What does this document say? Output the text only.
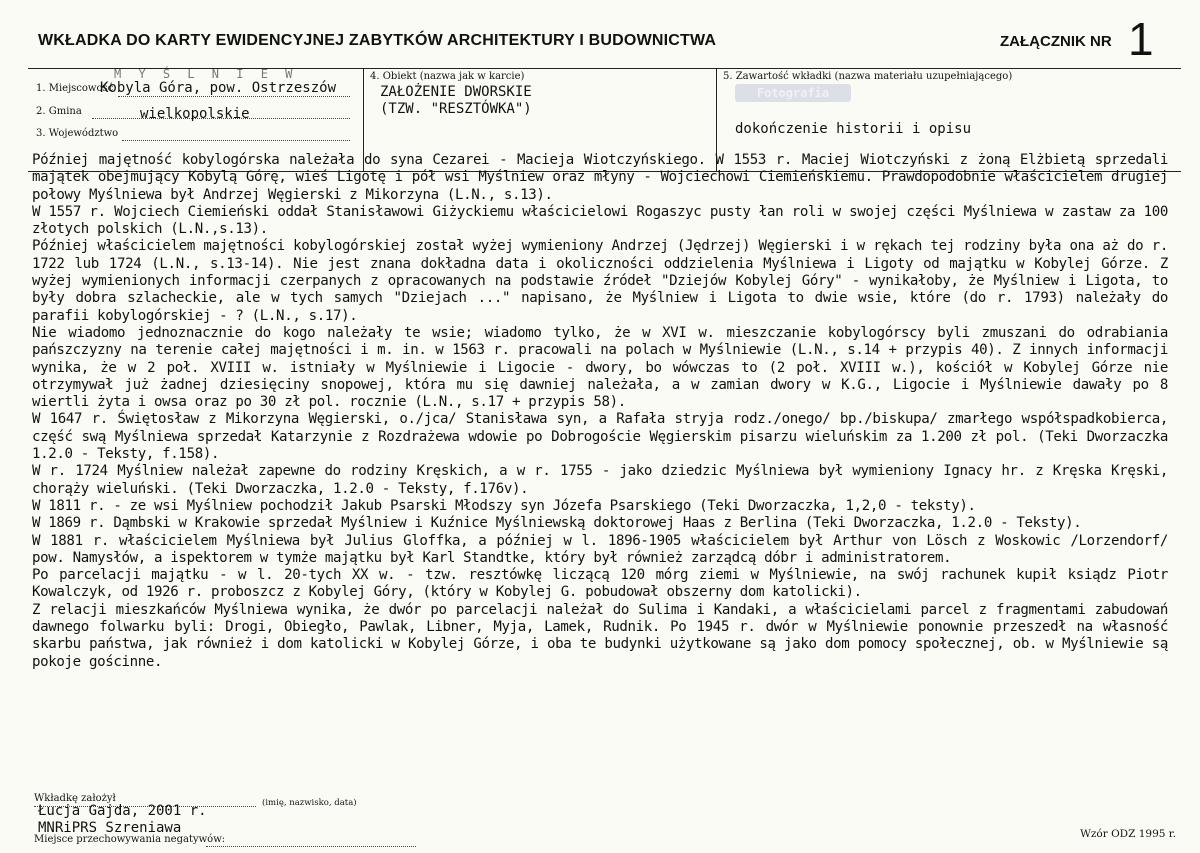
WKŁADKA DO KARTY EWIDENCYJNEJ ZABYTKÓW ARCHITEKTURY I BUDOWNICTWA	ZAŁĄCZNIK NR 1
M Y Ś L N I E W
1. Miejscowość
Kobyla Góra, pow. Ostrzeszów
2. Gmina	wielkopolskie
3. Województwo
4. Obiekt (nazwa jak w karcie)
ZAŁOŻENIE DWORSKIE
(TZW. "RESZTÓWKA")
5. Zawartość wkładki (nazwa materiału uzupełniającego)
Fotografia
dokończenie historii i opisu

Później majętność kobylogórska należała do syna Cezarei - Macieja Wiotczyńskiego. W 1553 r. Maciej Wiotczyński z żoną Elżbietą sprzedali majątek obejmujący Kobylą Górę, wieś Ligotę i pół wsi Myślniew oraz młyny - Wojciechowi Ciemieńskiemu. Prawdopodobnie właścicielem drugiej połowy Myślniewa był Andrzej Węgierski z Mikorzyna (L.N., s.13).

W 1557 r. Wojciech Ciemieński oddał Stanisławowi Giżyckiemu właścicielowi Rogaszyc pusty łan roli w swojej części Myślniewa w zastaw za 100 złotych polskich (L.N.,s.13).

Później właścicielem majętności kobylogórskiej został wyżej wymieniony Andrzej (Jędrzej) Węgierski i w rękach tej rodziny była ona aż do r. 1722 lub 1724 (L.N., s.13-14). Nie jest znana dokładna data i okoliczności oddzielenia Myślniewa i Ligoty od majątku w Kobylej Górze. Z wyżej wymienionych informacji czerpanych z opracowanych na podstawie źródeł "Dziejów Kobylej Góry" - wynikałoby, że Myślniew i Ligota, to były dobra szlacheckie, ale w tych samych "Dziejach ..." napisano, że Myślniew i Ligota to dwie wsie, które (do r. 1793) należały do parafii kobylogórskiej - ? (L.N., s.17).

Nie wiadomo jednoznacznie do kogo należały te wsie; wiadomo tylko, że w XVI w. mieszczanie kobylogórscy byli zmuszani do odrabiania pańszczyzny na terenie całej majętności i m. in. w 1563 r. pracowali na polach w Myślniewie (L.N., s.14 + przypis 40). Z innych informacji wynika, że w 2 poł. XVIII w. istniały w Myślniewie i Ligocie - dwory, bo wówczas to (2 poł. XVIII w.), kościół w Kobylej Górze nie otrzymywał już żadnej dziesięciny snopowej, która mu się dawniej należała, a w zamian dwory w K.G., Ligocie i Myślniewie dawały po 8 wiertli żyta i owsa oraz po 30 zł pol. rocznie (L.N., s.17 + przypis 58).

W 1647 r. Świętosław z Mikorzyna Węgierski, o./jca/ Stanisława syn, a Rafała stryja rodz./onego/ bp./biskupa/ zmarłego współspadkobierca, część swą Myślniewa sprzedał Katarzynie z Rozdrażewa wdowie po Dobrogoście Węgierskim pisarzu wieluńskim za 1.200 zł pol. (Teki Dworzaczka 1.2.0 - Teksty, f.158).

W r. 1724 Myślniew należał zapewne do rodziny Kręskich, a w r. 1755 - jako dziedzic Myślniewa był wymieniony Ignacy hr. z Kręska Kręski, chorąży wieluński. (Teki Dworzaczka, 1.2.0 - Teksty, f.176v).

W 1811 r. - ze wsi Myślniew pochodził Jakub Psarski Młodszy syn Józefa Psarskiego (Teki Dworzaczka, 1,2,0 - teksty).

W 1869 r. Dąmbski w Krakowie sprzedał Myślniew i Kuźnice Myślniewską doktorowej Haas z Berlina (Teki Dworzaczka, 1.2.0 - Teksty).

W 1881 r. właścicielem Myślniewa był Julius Gloffka, a później w l. 1896-1905 właścicielem był Arthur von Lösch z Woskowic /Lorzendorf/ pow. Namysłów, a ispektorem w tymże majątku był Karl Standtke, który był również zarządcą dóbr i administratorem.

Po parcelacji majątku - w l. 20-tych XX w. - tzw. resztówkę liczącą 120 mórg ziemi w Myślniewie, na swój rachunek kupił ksiądz Piotr Kowalczyk, od 1926 r. proboszcz z Kobylej Góry, (który w Kobylej G. pobudował obszerny dom katolicki).

Z relacji mieszkańców Myślniewa wynika, że dwór po parcelacji należał do Sulima i Kandaki, a właścicielami parcel z fragmentami zabudowań dawnego folwarku byli: Drogi, Obiegło, Pawlak, Libner, Myja, Lamek, Rudnik. Po 1945 r. dwór w Myślniewie ponownie przeszedł na własność skarbu państwa, jak również i dom katolicki w Kobylej Górze, i oba te budynki użytkowane są jako dom pomocy społecznej, ob. w Myślniewie są pokoje gościnne.

Wkładkę założył	(imię, nazwisko, data)
Łucja Gajda, 2001 r.
MNRiPRS Szreniawa
Miejsce przechowywania negatywów:	Wzór ODZ 1995 r.
